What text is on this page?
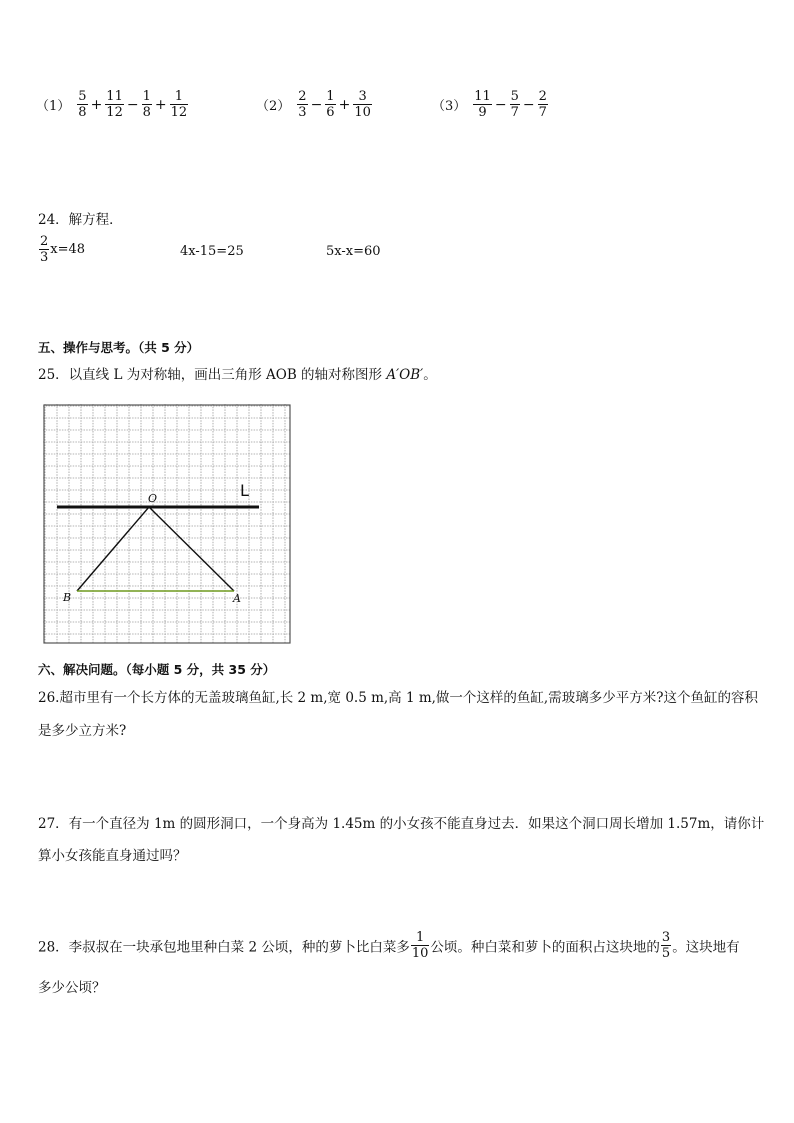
$(1) \frac{5}{8} + \frac{11}{12} - \frac{1}{8} + \frac{1}{12}$	$(2) \frac{2}{3} - \frac{1}{6} + \frac{3}{10}$	$(3) \frac{11}{9} - \frac{5}{7} - \frac{2}{7}$
24．解方程．
$\frac{2}{3} x=48$	4x-15=25	5x-x=60
五、操作与思考。（共 5 分）
25．以直线 L 为对称轴，画出三角形 AOB 的轴对称图形 A′OB′。
L
O
B	A
六、解决问题。（每小题 5 分，共 35 分）
26.超市里有一个长方体的无盖玻璃鱼缸,长 2 m,宽 0.5 m,高 1 m,做一个这样的鱼缸,需玻璃多少平方米?这个鱼缸的容积
是多少立方米?
27．有一个直径为 1m 的圆形洞口，一个身高为 1.45m 的小女孩不能直身过去．如果这个洞口周长增加 1.57m，请你计
算小女孩能直身通过吗？
28．李叔叔在一块承包地里种白菜 2 公顷，种的萝卜比白菜多 $\frac{1}{10}$ 公顷。种白菜和萝卜的面积占这块地的 $\frac{3}{5}$ 。这块地有
多少公顷？
